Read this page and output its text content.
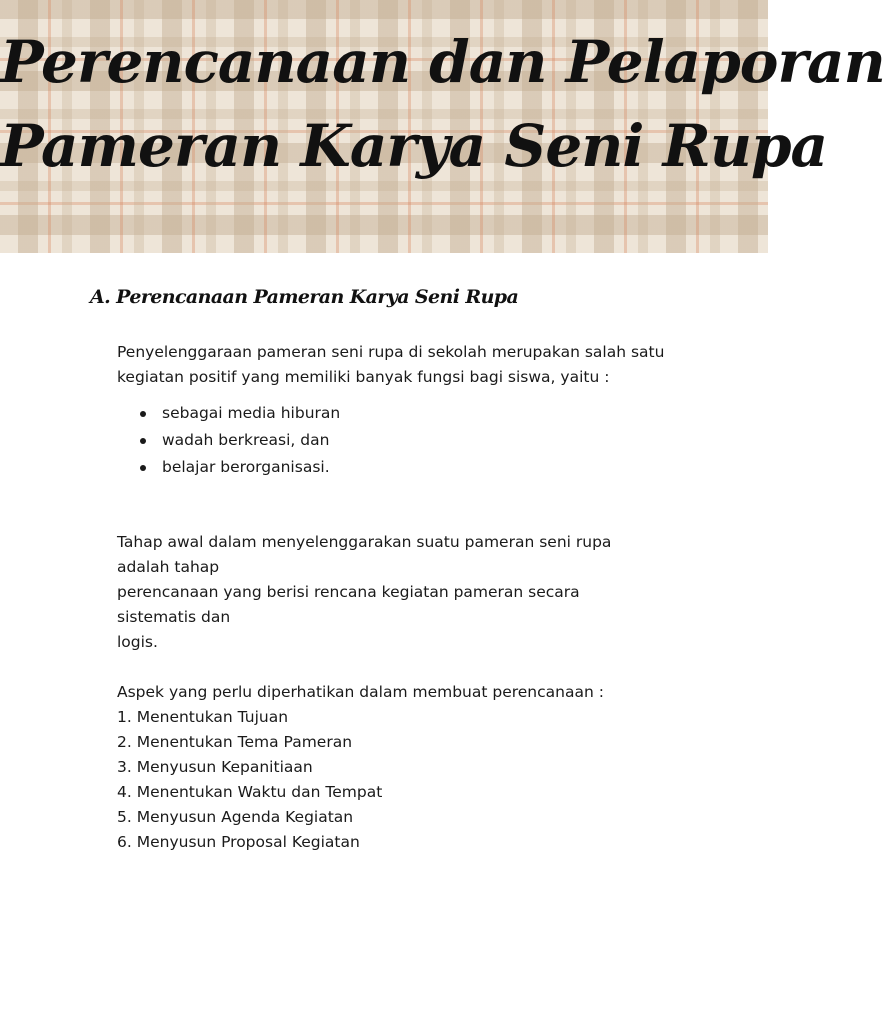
Perencanaan dan Pelaporan
Pameran Karya Seni Rupa
A. Perencanaan Pameran Karya Seni Rupa

Penyelenggaraan pameran seni rupa di sekolah merupakan salah satu
kegiatan positif yang memiliki banyak fungsi bagi siswa, yaitu :

sebagai media hiburan
wadah berkreasi, dan
belajar berorganisasi.

Tahap awal dalam menyelenggarakan suatu pameran seni rupa
adalah tahap
perencanaan yang berisi rencana kegiatan pameran secara
sistematis dan
logis.

Aspek yang perlu diperhatikan dalam membuat perencanaan :

1. Menentukan Tujuan
2. Menentukan Tema Pameran
3. Menyusun Kepanitiaan
4. Menentukan Waktu dan Tempat
5. Menyusun Agenda Kegiatan
6. Menyusun Proposal Kegiatan
